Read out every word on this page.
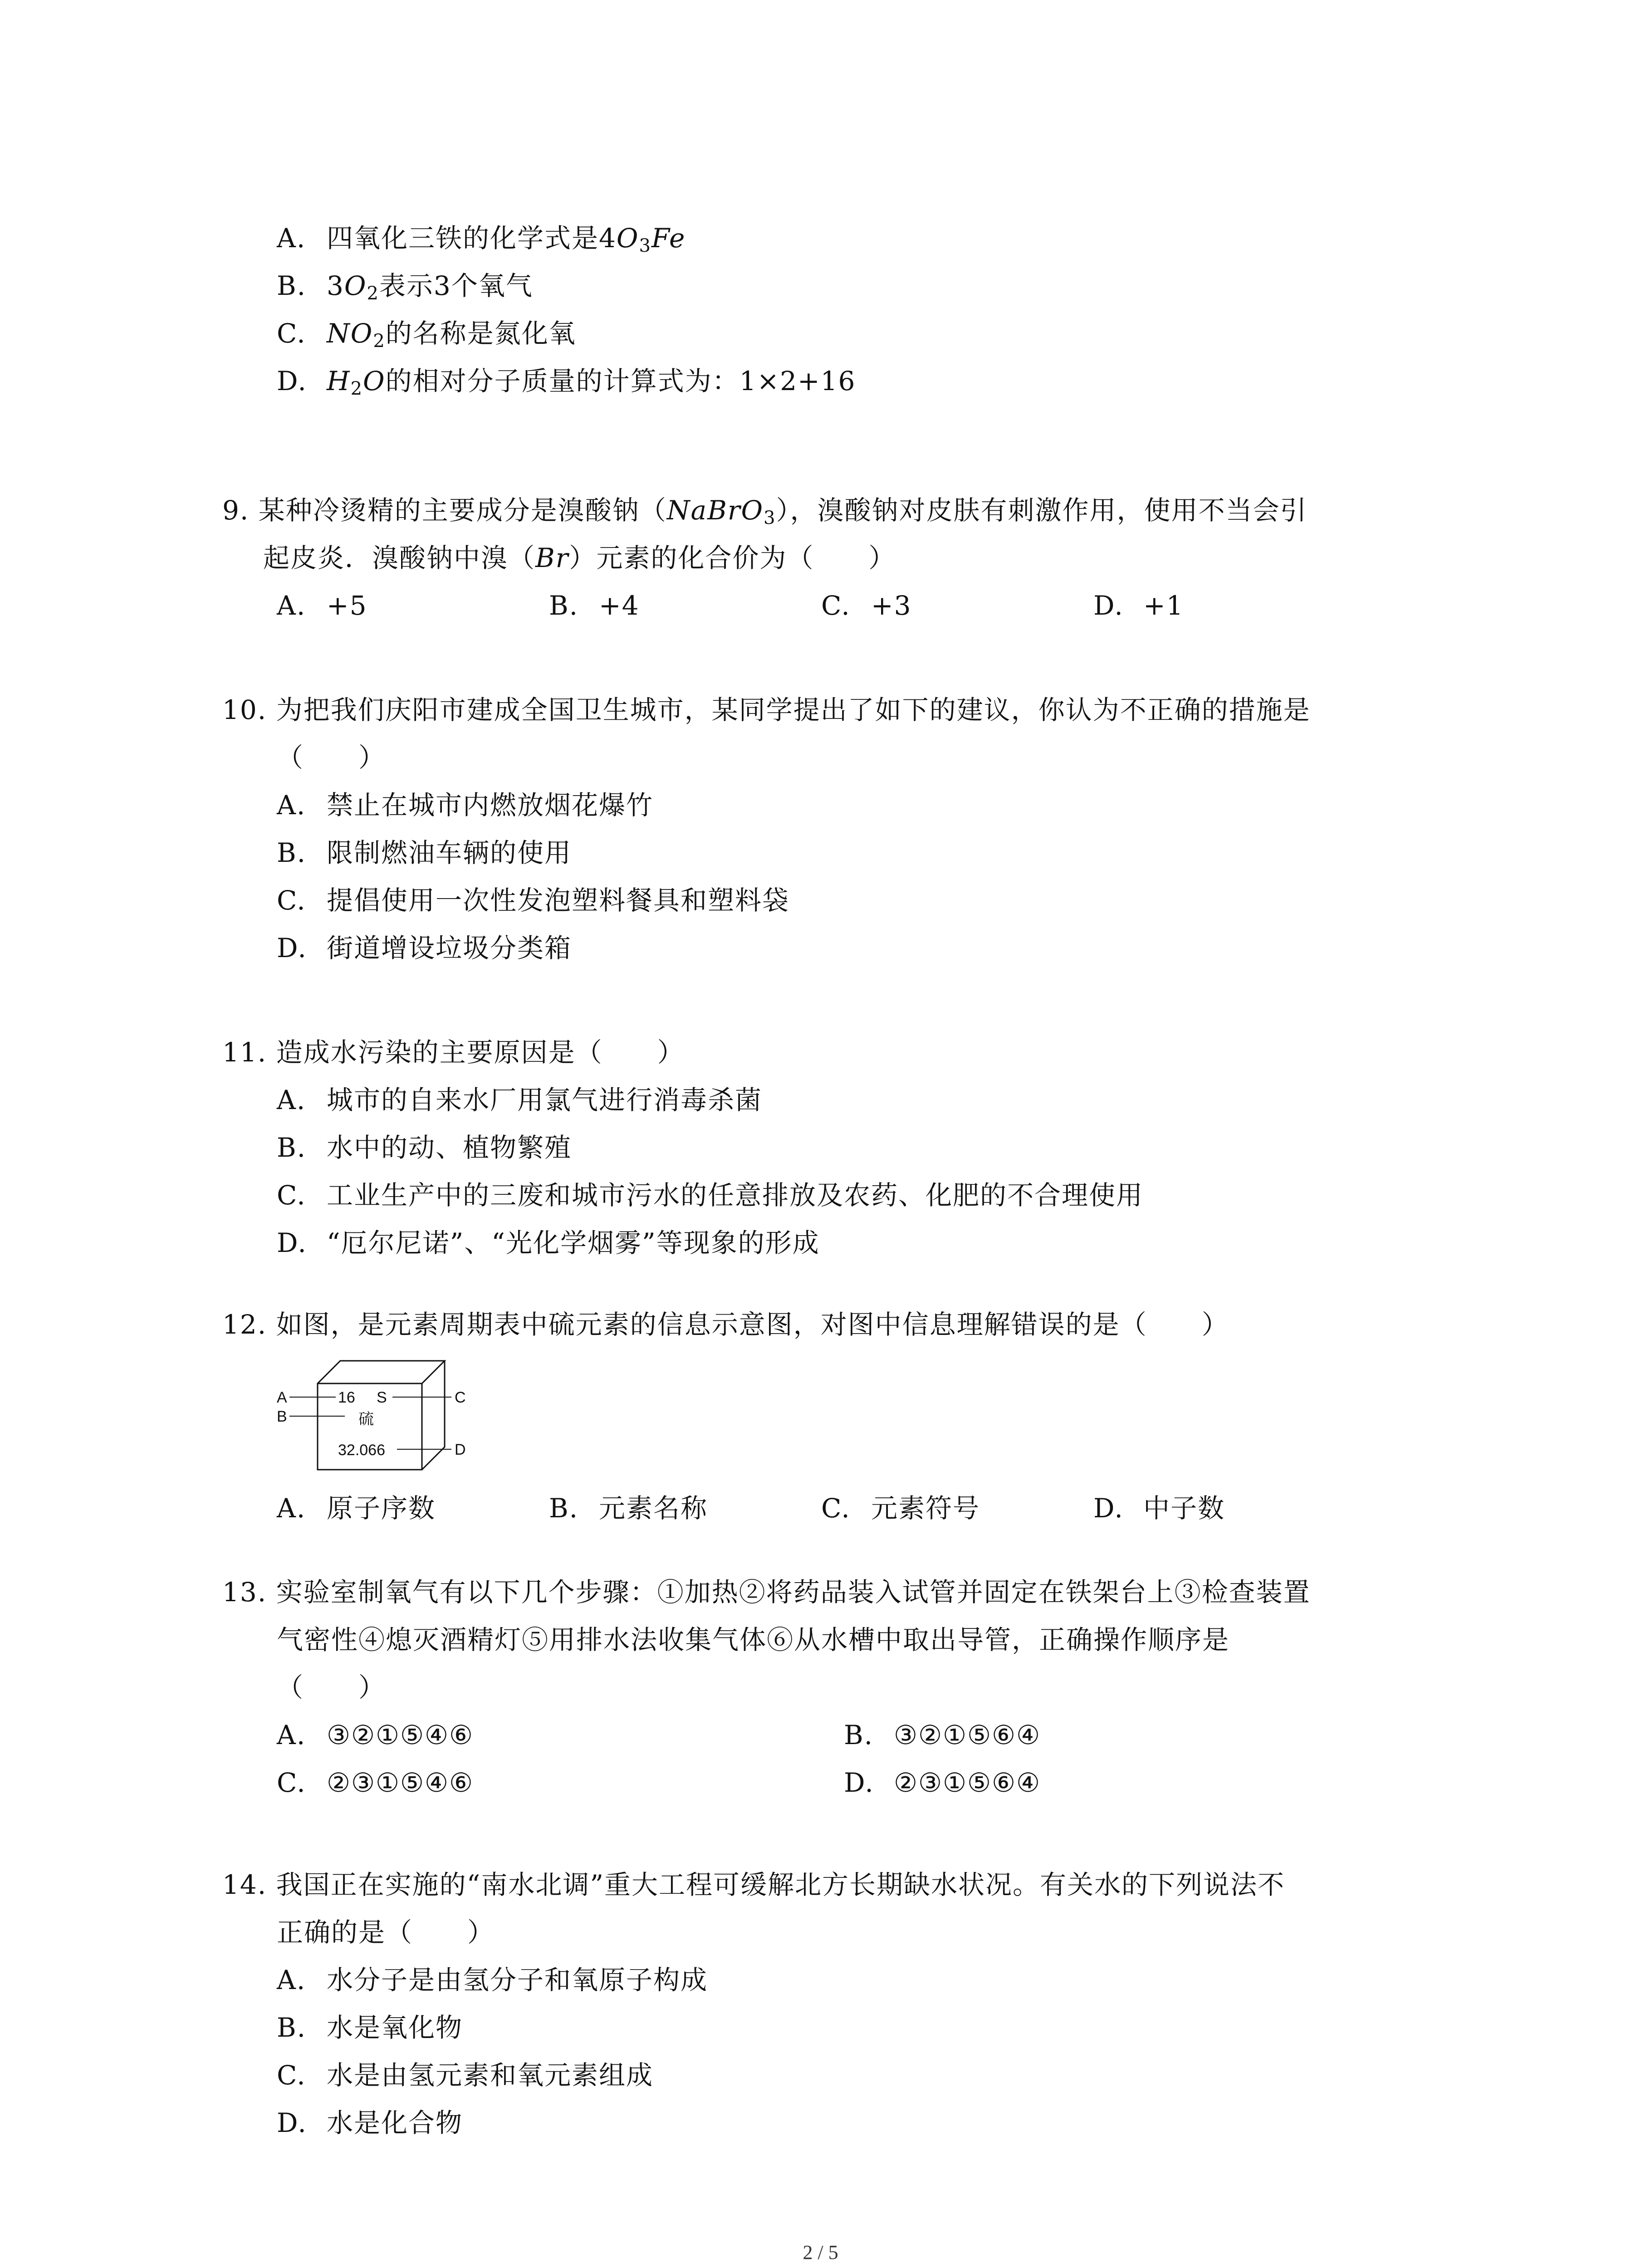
A. 四氧化三铁的化学式是$4O_3Fe$
B. $3O_2$表示3个氧气
C. $NO_2$的名称是氮化氧
D. $H_2O$的相对分子质量的计算式为：1×2+16
9. 某种冷烫精的主要成分是溴酸钠（NaBrO$_3$），溴酸钠对皮肤有刺激作用，使用不当会引
起皮炎．溴酸钠中溴（Br）元素的化合价为（　　）
A. +5	B. +4	C. +3	D. +1
10. 为把我们庆阳市建成全国卫生城市，某同学提出了如下的建议，你认为不正确的措施是
（　　）
A. 禁止在城市内燃放烟花爆竹
B. 限制燃油车辆的使用
C. 提倡使用一次性发泡塑料餐具和塑料袋
D. 街道增设垃圾分类箱
11. 造成水污染的主要原因是（　　）
A. 城市的自来水厂用氯气进行消毒杀菌
B. 水中的动、植物繁殖
C. 工业生产中的三废和城市污水的任意排放及农药、化肥的不合理使用
D. “厄尔尼诺”、“光化学烟雾”等现象的形成
12. 如图，是元素周期表中硫元素的信息示意图，对图中信息理解错误的是（　　）
A
B
C
D
16 S
硫
32.066
A. 原子序数	B. 元素名称	C. 元素符号	D. 中子数
13. 实验室制氧气有以下几个步骤：①加热②将药品装入试管并固定在铁架台上③检查装置
气密性④熄灭酒精灯⑤用排水法收集气体⑥从水槽中取出导管，正确操作顺序是
（　　）
A. ③②①⑤④⑥	B. ③②①⑤⑥④
C. ②③①⑤④⑥	D. ②③①⑤⑥④
14. 我国正在实施的“南水北调”重大工程可缓解北方长期缺水状况。有关水的下列说法不
正确的是（　　）
A. 水分子是由氢分子和氧原子构成
B. 水是氧化物
C. 水是由氢元素和氧元素组成
D. 水是化合物
2 / 5
